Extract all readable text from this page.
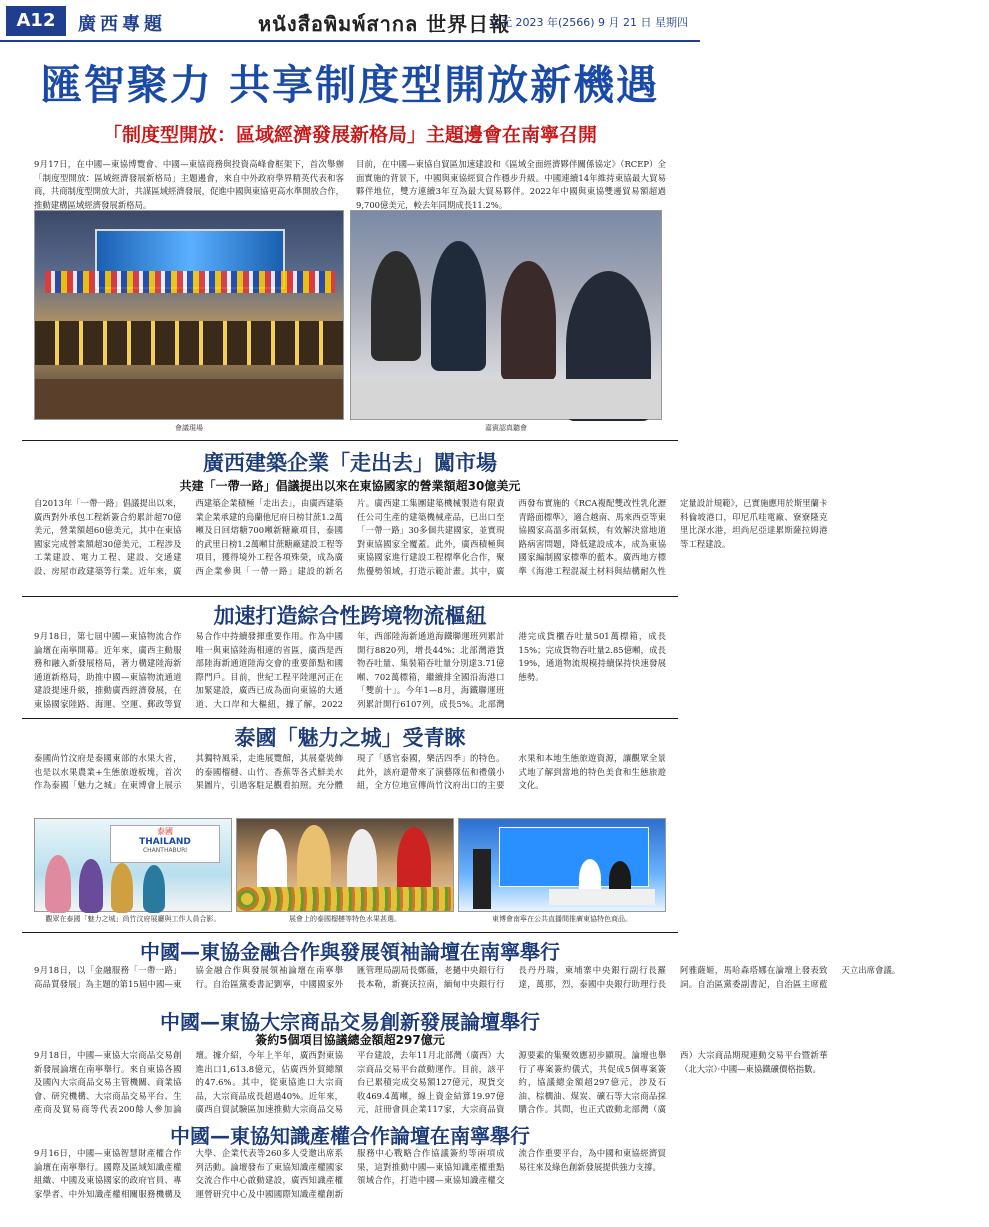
A12	廣西專題	หนังสือพิมพ์สากล 世界日報
公元 2023 年(2566) 9 月 21 日 星期四
匯智聚力 共享制度型開放新機遇
「制度型開放：區域經濟發展新格局」主題邊會在南寧召開
9月17日，在中國—東協博覽會、中國—東協商務與投資高峰會框架下，首次舉辦「制度型開放：區域經濟發展新格局」主題邊會，來自中外政府學界精英代表和客商，共商制度型開放大計，共謀區域經濟發展，促進中國與東協更高水準開放合作，推動建構區域經濟發展新格局。
目前，在中國—東協自貿區加速建設和《區域全面經濟夥伴關係協定》（RCEP）全面實施的背景下，中國與東協經貿合作穩步升級。中國連續14年維持東協最大貿易夥伴地位，雙方連續3年互為最大貿易夥伴。2022年中國與東協雙邊貿易額超過9,700億美元，較去年同期成長11.2%。
會議現場	嘉賓認真聽會
廣西建築企業「走出去」闖市場
共建「一帶一路」倡議提出以來在東協國家的營業額超30億美元
自2013年「一帶一路」倡議提出以來，廣西對外承包工程新簽合約累計超70億美元，營業額超60億美元，其中在東協國家完成營業額超30億美元，工程涉及工業建設、電力工程、建設、交通建設、房屋市政建築等行業。近年來，廣西建築企業積極「走出去」，由廣西建築業企業承建的烏蘭他尼府日榜甘蔗1.2萬噸及日回熔糖700噸新糖廠項目，泰國的武里日榜1.2萬噸甘蔗糖廠建設工程等項目，獲得境外工程各項殊榮，成為廣西企業參與「一帶一路」建設的新名片。廣西建工集團建築機械製造有限責任公司生產的建築機械產品，已出口至「一帶一路」30多個共建國家，並實現對東協國家全覆蓋。此外，廣西積極與東協國家進行建設工程標準化合作，聚焦優勢領域，打造示範計畫。其中，廣西發布實施的《RCA複配雙改性乳化瀝青路面標準》，適合越南、馬來西亞等東協國家高溫多雨氣候，有效解決當地道路病害問題，降低建設成本，成為東協國家編制國家標準的藍本。廣西地方標準《海港工程混凝土材料與結構耐久性定量設計規範》，已實施應用於斯里蘭卡科倫坡港口，印尼爪哇電廠、寮寮隆克里比深水港，坦尚尼亞達累斯薩拉姆港等工程建設。
加速打造綜合性跨境物流樞紐
9月18日，第七屆中國—東協物流合作論壇在南寧開幕。近年來，廣西主動服務和融入新發展格局，著力構建陸海新通道新格局，助推中國—東協物流通道建設提速升級，推動廣西經濟發展，在東協國家陸路、海運、空運、郵政等貿易合作中持續發揮重要作用。作為中國唯一與東協陸海相連的省區，廣西是西部陸海新通道陸海交會的重要節點和國際門戶。目前，世紀工程平陸運河正在加緊建設，廣西已成為面向東協的大通道、大口岸和大樞紐，據了解，2022年，西部陸海新通道海鐵聯運班列累計開行8820列，增長44%；北部灣港貨物吞吐量、集裝箱吞吐量分別達3.71億噸、702萬標箱，繼續排全國沿海港口「雙前十」。今年1—8月，海鐵聯運班列累計開行6107列，成長5%。北部灣港完成貨櫃吞吐量501萬標箱，成長15%；完成貨物吞吐量2.85億噸，成長19%，通道物流規模持續保持快速發展態勢。
泰國「魅力之城」受青睞
泰國尚竹汶府是泰國東部的水果大省，也是以水果農業+生態旅遊板塊，首次作為泰國「魅力之城」在東博會上展示其獨特風采，走進展覽館，其展臺裝飾的泰國榴槤、山竹、香蕉等各式鮮美水果圖片，引過客駐足觀看拍照。充分體現了「感官泰國，樂活四季」的特色。此外，該府還帶來了演藝隊伍和禮儀小組，全方位地宣傳尚竹汶府出口的主要水果和本地生態旅遊資源，讓觀眾全景式地了解到當地的特色美食和生態旅遊文化。
泰國
THAILAND
CHANTHABURI
觀眾在泰國「魅力之城」尚竹汶府展廳與工作人員合影。	展會上的泰國榴槤等特色水果甚選。	東博會南寧在公共直播間推廣東協特色商品。
中國—東協金融合作與發展領袖論壇在南寧舉行
9月18日，以「金融服務「一帶一路」高品質發展」為主題的第15屆中國—東協金融合作與發展領袖論壇在南寧舉行。自治區黨委書記劉寧，中國國家外匯管理局副局長鄭薇，老撾中央銀行行長本勒，新賽沃拉南，緬甸中央銀行行長丹丹瑞，柬埔寨中央銀行副行長羅達，萬那，烈，泰國中央銀行助理行長阿雅薩姬，馬哈森塔娜在論壇上發表致詞。自治區黨委副書記，自治區主席藍天立出席會議。
中國—東協大宗商品交易創新發展論壇舉行
簽約5個項目協議總金額超297億元
9月18日，中國—東協大宗商品交易創新發展論壇在南寧舉行。來自東協各國及國內大宗商品交易主管機關、商業協會、研究機構、大宗商品交易平台、生產商及貿易商等代表200餘人參加論壇。據介紹，今年上半年，廣西對東協進出口1,613.8億元，佔廣西外貿總額的47.6%。其中，從東協進口大宗商品，大宗商品成長超過40%。近年來，廣西自貿試驗區加速推動大宗商品交易平台建設，去年11月北部灣（廣西）大宗商品交易平台啟動運作。目前，該平台已累積完成交易額127億元，現貨交收469.4萬噸，線上資金結算19.97億元，註冊會員企業117家，大宗商品資源要素的集聚效應初步顯現。論壇也舉行了專案簽約儀式，共促成5個專案簽約，協議總金額超297億元，涉及石油、棕櫚油、煤炭、礦石等大宗商品採購合作。其間，也正式啟動北部灣（廣西）大宗商品期現連動交易平台暨新華（北大宗）·中國—東協鐵礦價格指數。
中國—東協知識產權合作論壇在南寧舉行
9月16日，中國—東協智慧財產權合作論壇在南寧舉行。國際及區域知識產權組織、中國及東協國家的政府官員、專家學者、中外知識產權相關服務機構及大學、企業代表等260多人受邀出席系列活動。論壇發布了東協知識產權國家交流合作中心啟動建設，廣西知識產權運營研究中心及中國國際知識產權創新服務中心戰略合作協議簽約等兩項成果，這對推動中國—東協知識產權重點領域合作，打造中國—東協知識產權交流合作重要平台，為中國和東協經濟貿易往來及綠色創新發展提供強力支撐。
